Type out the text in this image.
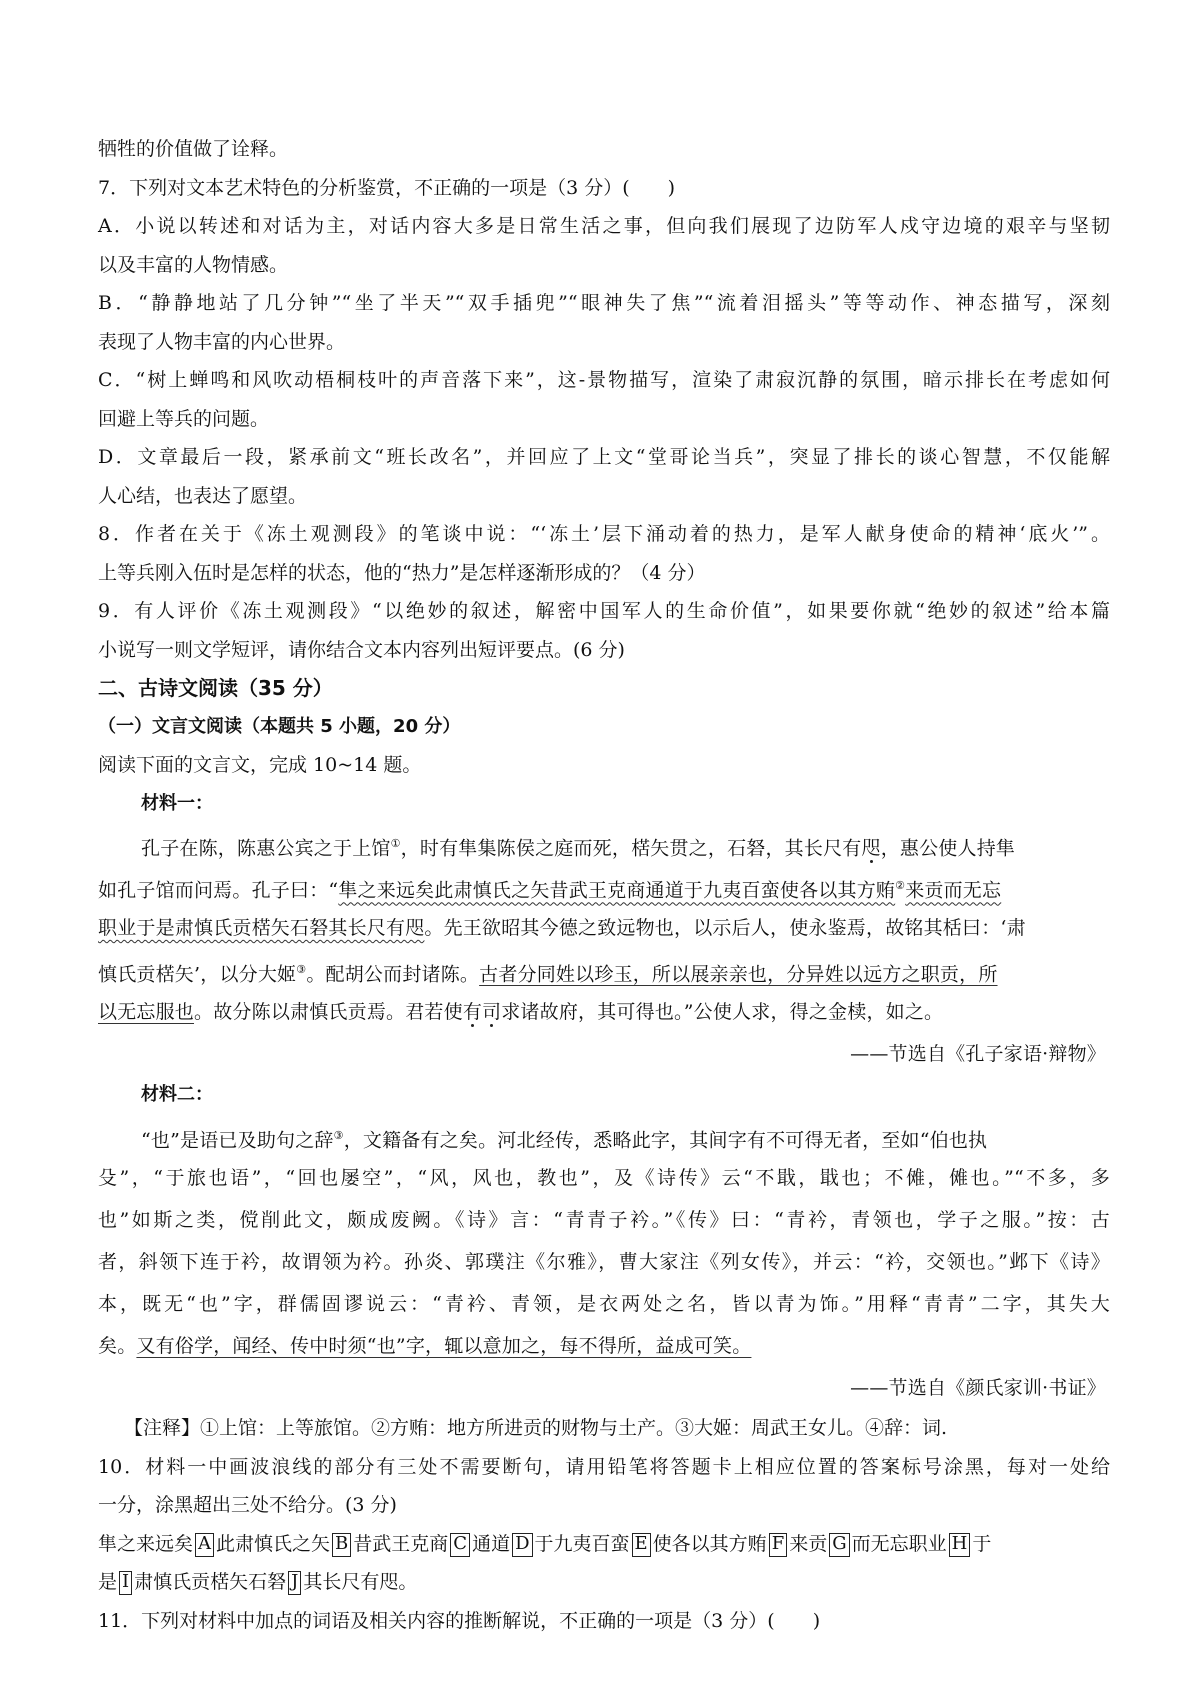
牺牲的价值做了诠释。
7．下列对文本艺术特色的分析鉴赏，不正确的一项是（3 分）(　　)
A．小说以转述和对话为主，对话内容大多是日常生活之事，但向我们展现了边防军人戍守边境的艰辛与坚韧
以及丰富的人物情感。
B．“静静地站了几分钟”“坐了半天”“双手插兜”“眼神失了焦”“流着泪摇头”等等动作、神态描写，深刻
表现了人物丰富的内心世界。
C．“树上蝉鸣和风吹动梧桐枝叶的声音落下来”，这-景物描写，渲染了肃寂沉静的氛围，暗示排长在考虑如何
回避上等兵的问题。
D．文章最后一段，紧承前文“班长改名”，并回应了上文“堂哥论当兵”，突显了排长的谈心智慧，不仅能解
人心结，也表达了愿望。
8．作者在关于《冻土观测段》的笔谈中说：“‘冻土’层下涌动着的热力，是军人献身使命的精神‘底火’”。
上等兵刚入伍时是怎样的状态，他的“热力”是怎样逐渐形成的？（4 分）
9．有人评价《冻土观测段》“以绝妙的叙述，解密中国军人的生命价值”，如果要你就“绝妙的叙述”给本篇
小说写一则文学短评，请你结合文本内容列出短评要点。(6 分)
二、古诗文阅读（35 分）
（一）文言文阅读（本题共 5 小题，20 分）
阅读下面的文言文，完成 10~14 题。
材料一：
孔子在陈，陈惠公宾之于上馆①，时有隼集陈侯之庭而死，楛矢贯之，石砮，其长尺有咫，惠公使人持隼
如孔子馆而问焉。孔子曰：“隼之来远矣此肃慎氏之矢昔武王克商通道于九夷百蛮使各以其方贿②来贡而无忘
职业于是肃慎氏贡楛矢石砮其长尺有咫。先王欲昭其今德之致远物也，以示后人，使永鉴焉，故铭其栝曰：‘肃
慎氏贡楛矢’，以分大姬③。配胡公而封诸陈。古者分同姓以珍玉，所以展亲亲也，分异姓以远方之职贡，所
以无忘服也。故分陈以肃慎氏贡焉。君若使有司求诸故府，其可得也。”公使人求，得之金椟，如之。
——节选自《孔子家语·辩物》
材料二：
“也”是语已及助句之辞③，文籍备有之矣。河北经传，悉略此字，其间字有不可得无者，至如“伯也执
殳”，“于旅也语”，“回也屡空”，“风，风也，教也”，及《诗传》云“不戢，戢也；不傩，傩也。”“不多，多
也”如斯之类，傥削此文，颇成废阙。《诗》言：“青青子衿。”《传》曰：“青衿，青领也，学子之服。”按：古
者，斜领下连于衿，故谓领为衿。孙炎、郭璞注《尔雅》，曹大家注《列女传》，并云：“衿，交领也。”邺下《诗》
本，既无“也”字，群儒固谬说云：“青衿、青领，是衣两处之名，皆以青为饰。”用释“青青”二字，其失大
矣。又有俗学，闻经、传中时须“也”字，辄以意加之，每不得所，益成可笑。
——节选自《颜氏家训·书证》
【注释】①上馆：上等旅馆。②方贿：地方所进贡的财物与土产。③大姬：周武王女儿。④辞：词.
10．材料一中画波浪线的部分有三处不需要断句，请用铅笔将答题卡上相应位置的答案标号涂黑，每对一处给
一分，涂黑超出三处不给分。(3 分)
隼之来远矣 A 此肃慎氏之矢 B 昔武王克商 C 通道 D 于九夷百蛮 E 使各以其方贿 F 来贡 G 而无忘职业 H 于
是 I 肃慎氏贡楛矢石砮 J 其长尺有咫。
11．下列对材料中加点的词语及相关内容的推断解说，不正确的一项是（3 分）(　　)
